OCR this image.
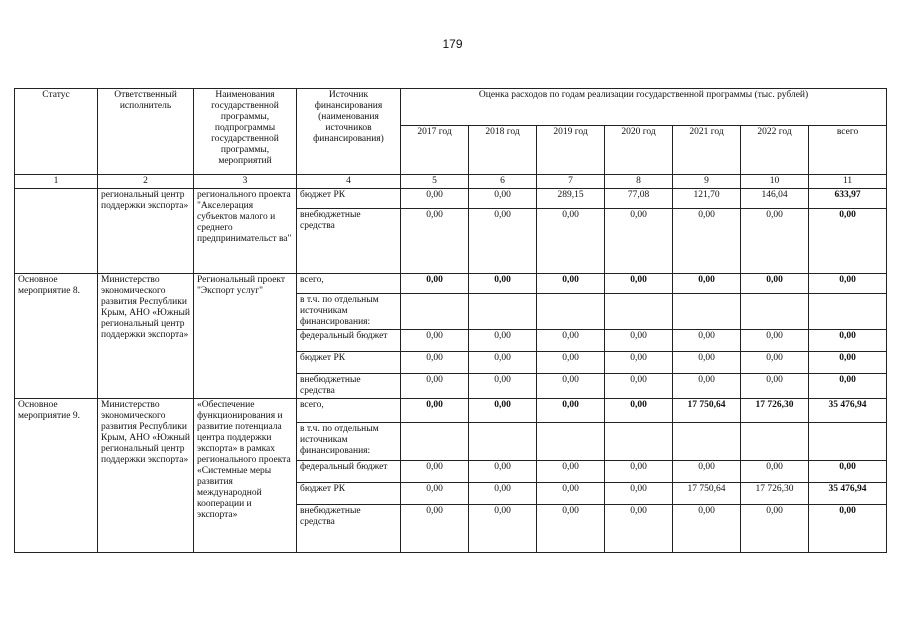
179
Статус	Ответственный исполнитель	Наименования государственной программы, подпрограммы государственной программы, мероприятий	Источник финансирования (наименования источников финансирования)	Оценка расходов по годам реализации государственной программы (тыс. рублей)						
				2017 год	2018 год	2019 год	2020 год	2021 год	2022 год	всего
1	2	3	4	5	6	7	8	9	10	11
	региональный центр поддержки экспорта»	регионального проекта "Акселерация субъектов малого и среднего предпринимательст ва"	бюджет РК	0,00	0,00	289,15	77,08	121,70	146,04	633,97
			внебюджетные средства	0,00	0,00	0,00	0,00	0,00	0,00	0,00
Основное мероприятие 8.	Министерство экономического развития Республики Крым, АНО «Южный региональный центр поддержки экспорта»	Региональный проект "Экспорт услуг"	всего,	0,00	0,00	0,00	0,00	0,00	0,00	0,00
			в т.ч. по отдельным источникам финансирования:							
			федеральный бюджет	0,00	0,00	0,00	0,00	0,00	0,00	0,00
			бюджет РК	0,00	0,00	0,00	0,00	0,00	0,00	0,00
			внебюджетные средства	0,00	0,00	0,00	0,00	0,00	0,00	0,00
Основное мероприятие 9.	Министерство экономического развития Республики Крым, АНО «Южный региональный центр поддержки экспорта»	«Обеспечение функционирования и развитие потенциала центра поддержки экспорта» в рамках регионального проекта «Системные меры развития международной кооперации и экспорта»	всего,	0,00	0,00	0,00	0,00	17 750,64	17 726,30	35 476,94
			в т.ч. по отдельным источникам финансирования:							
			федеральный бюджет	0,00	0,00	0,00	0,00	0,00	0,00	0,00
			бюджет РК	0,00	0,00	0,00	0,00	17 750,64	17 726,30	35 476,94
			внебюджетные средства	0,00	0,00	0,00	0,00	0,00	0,00	0,00
